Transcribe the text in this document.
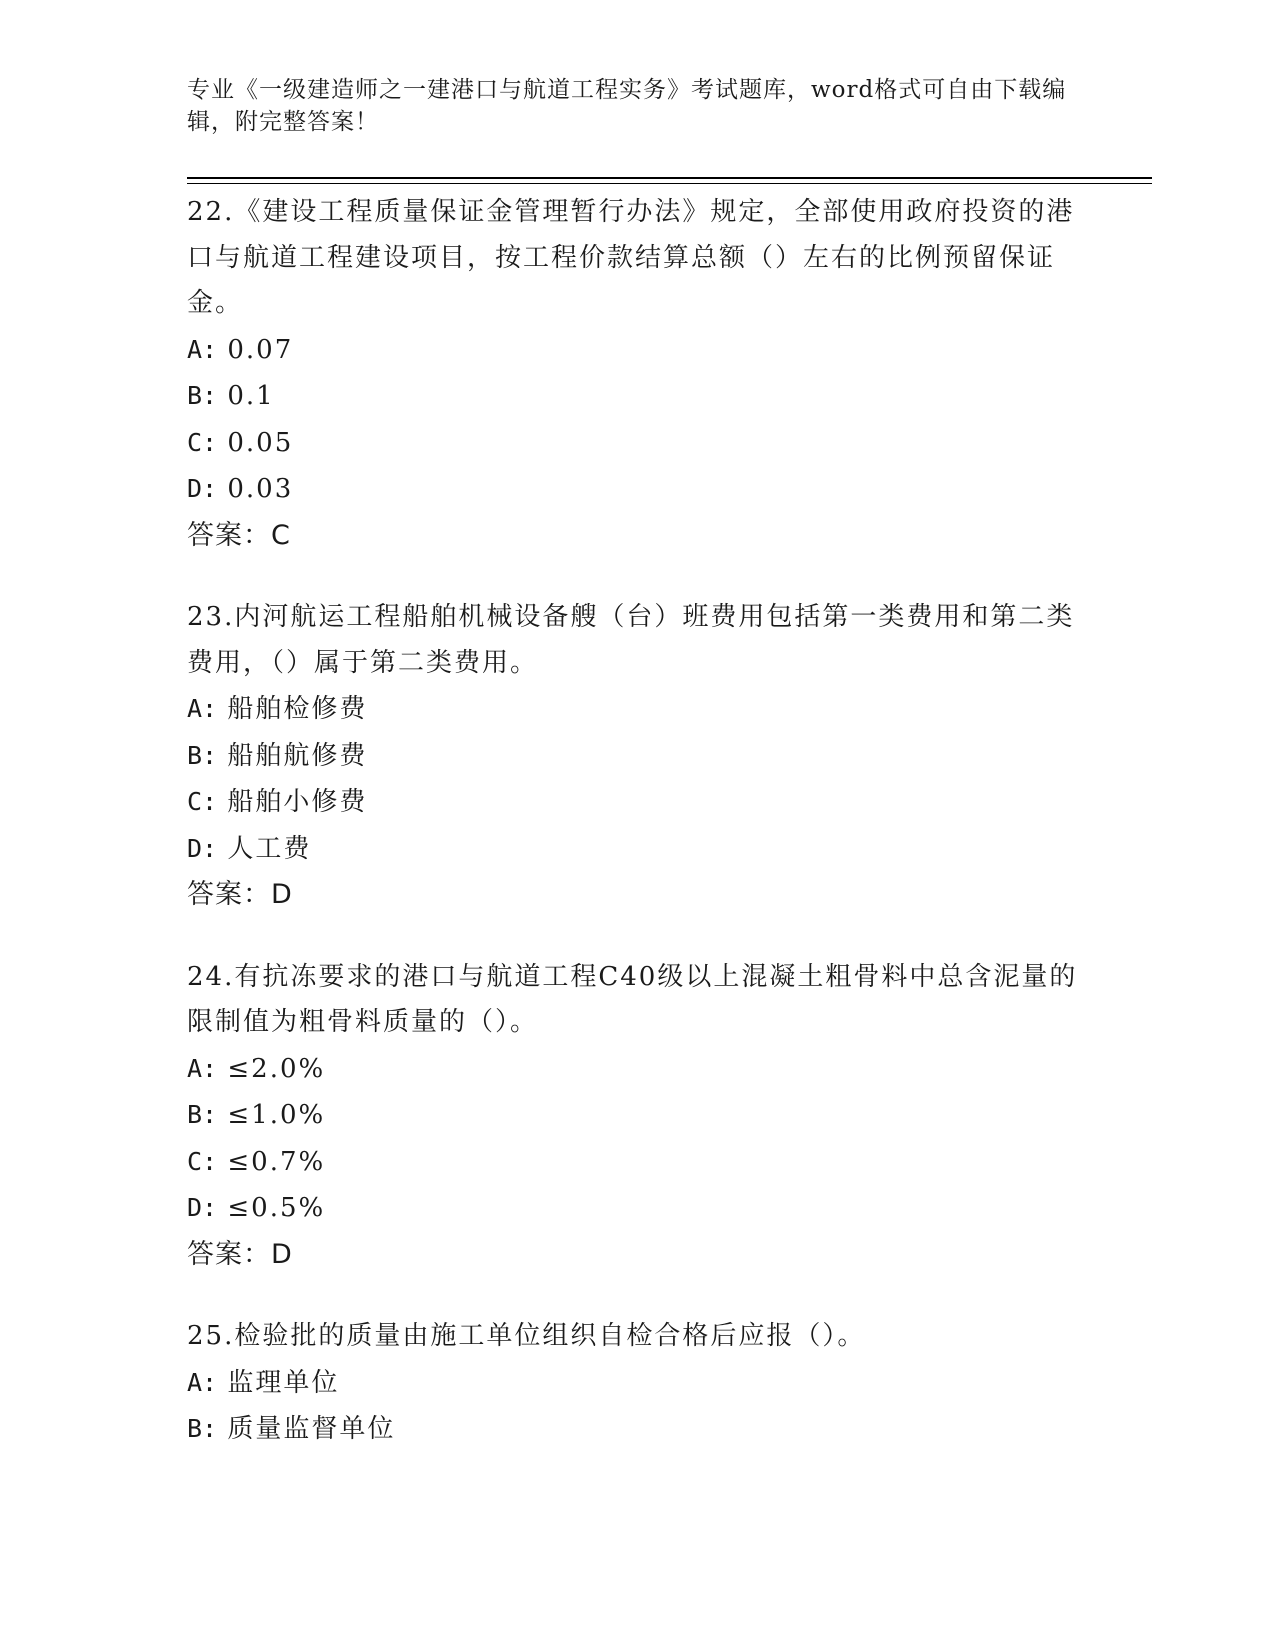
专业《一级建造师之一建港口与航道工程实务》考试题库，word格式可自由下载编辑，附完整答案！

22.《建设工程质量保证金管理暂行办法》规定，全部使用政府投资的港口与航道工程建设项目，按工程价款结算总额（）左右的比例预留保证金。

A: 0.07

B: 0.1

C: 0.05

D: 0.03

答案：C

23.内河航运工程船舶机械设备艘（台）班费用包括第一类费用和第二类费用，（）属于第二类费用。

A: 船舶检修费

B: 船舶航修费

C: 船舶小修费

D: 人工费

答案：D

24.有抗冻要求的港口与航道工程C40级以上混凝土粗骨料中总含泥量的限制值为粗骨料质量的（）。

A: ≤2.0%

B: ≤1.0%

C: ≤0.7%

D: ≤0.5%

答案：D

25.检验批的质量由施工单位组织自检合格后应报（）。

A: 监理单位

B: 质量监督单位
